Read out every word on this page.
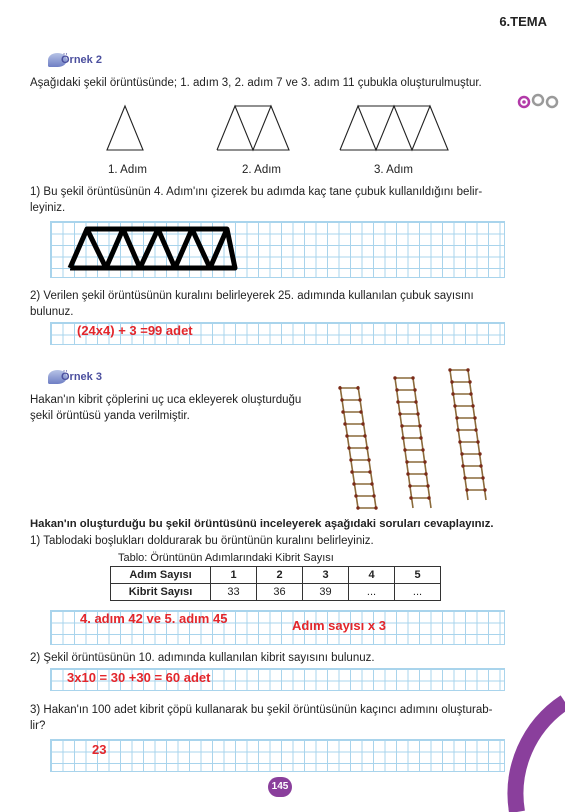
6.TEMA
Örnek 2
Aşağıdaki şekil örüntüsünde; 1. adım 3, 2. adım 7 ve 3. adım 11 çubukla oluşturulmuştur.
1. Adım	2. Adım	3. Adım
1) Bu şekil örüntüsünün 4. Adım'ını çizerek bu adımda kaç tane çubuk kullanıldığını belir-
leyiniz.
2) Verilen şekil örüntüsünün kuralını belirleyerek 25. adımında kullanılan çubuk sayısını
bulunuz.
(24x4) + 3 =99 adet
Örnek 3
Hakan'ın kibrit çöplerini uç uca ekleyerek oluşturduğu
şekil örüntüsü yanda verilmiştir.
Hakan'ın oluşturduğu bu şekil örüntüsünü inceleyerek aşağıdaki soruları cevaplayınız.
1) Tablodaki boşlukları doldurarak bu örüntünün kuralını belirleyiniz.
Tablo: Örüntünün Adımlarındaki Kibrit Sayısı
Adım Sayısı	1	2	3	4	5
Kibrit Sayısı	33	36	39	...	...
4. adım 42 ve 5. adım 45	Adım sayısı x 3
2) Şekil örüntüsünün 10. adımında kullanılan kibrit sayısını bulunuz.
3x10 = 30 +30 = 60 adet
3) Hakan'ın 100 adet kibrit çöpü kullanarak bu şekil örüntüsünün kaçıncı adımını oluşturab-
lir?
23
145
